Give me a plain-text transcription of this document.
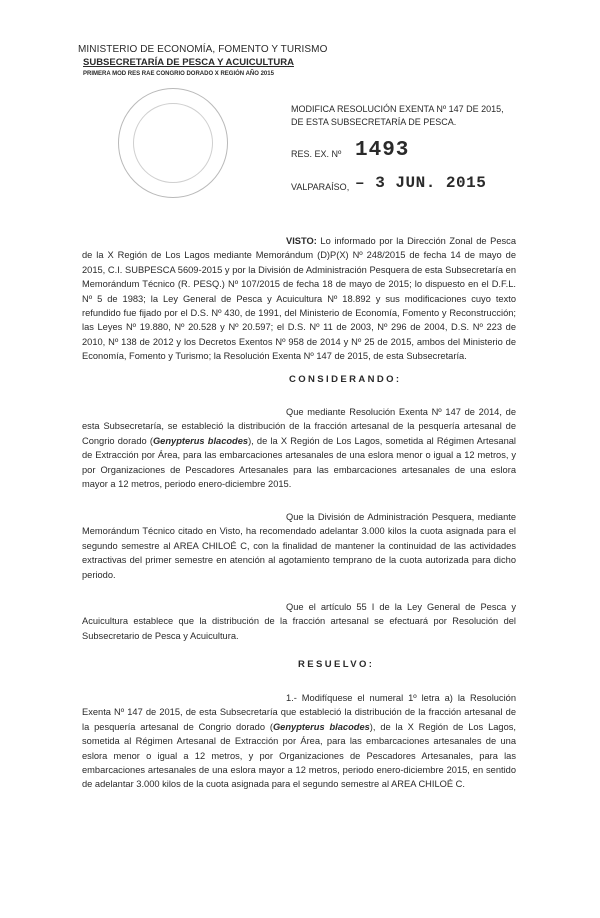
MINISTERIO DE ECONOMÍA, FOMENTO Y TURISMO
SUBSECRETARÍA DE PESCA Y ACUICULTURA
PRIMERA MOD RES RAE CONGRIO DORADO X REGIÓN AÑO 2015
MODIFICA RESOLUCIÓN EXENTA Nº 147 DE 2015,
DE ESTA SUBSECRETARÍA DE PESCA.
RES. EX. Nº 1493
VALPARAÍSO, – 3 JUN. 2015
VISTO: Lo informado por la Dirección Zonal de Pesca de la X Región de Los Lagos mediante Memorándum (D)P(X) Nº 248/2015 de fecha 14 de mayo de 2015, C.I. SUBPESCA 5609-2015 y por la División de Administración Pesquera de esta Subsecretaría en Memorándum Técnico (R. PESQ.) Nº 107/2015 de fecha 18 de mayo de 2015; lo dispuesto en el D.F.L. Nº 5 de 1983; la Ley General de Pesca y Acuicultura Nº 18.892 y sus modificaciones cuyo texto refundido fue fijado por el D.S. Nº 430, de 1991, del Ministerio de Economía, Fomento y Reconstrucción; las Leyes Nº 19.880, Nº 20.528 y Nº 20.597; el D.S. Nº 11 de 2003, Nº 296 de 2004, D.S. Nº 223 de 2010, Nº 138 de 2012 y los Decretos Exentos Nº 958 de 2014 y Nº 25 de 2015, ambos del Ministerio de Economía, Fomento y Turismo; la Resolución Exenta Nº 147 de 2015, de esta Subsecretaría.
CONSIDERANDO:
Que mediante Resolución Exenta Nº 147 de 2014, de esta Subsecretaría, se estableció la distribución de la fracción artesanal de la pesquería artesanal de Congrio dorado (Genypterus blacodes), de la X Región de Los Lagos, sometida al Régimen Artesanal de Extracción por Área, para las embarcaciones artesanales de una eslora menor o igual a 12 metros, y por Organizaciones de Pescadores Artesanales para las embarcaciones artesanales de una eslora mayor a 12 metros, periodo enero-diciembre 2015.
Que la División de Administración Pesquera, mediante Memorándum Técnico citado en Visto, ha recomendado adelantar 3.000 kilos la cuota asignada para el segundo semestre al AREA CHILOÉ C, con la finalidad de mantener la continuidad de las actividades extractivas del primer semestre en atención al agotamiento temprano de la cuota autorizada para dicho periodo.
Que el artículo 55 I de la Ley General de Pesca y Acuicultura establece que la distribución de la fracción artesanal se efectuará por Resolución del Subsecretario de Pesca y Acuicultura.
RESUELVO:
1.- Modifíquese el numeral 1º letra a) la Resolución Exenta Nº 147 de 2015, de esta Subsecretaría que estableció la distribución de la fracción artesanal de la pesquería artesanal de Congrio dorado (Genypterus blacodes), de la X Región de Los Lagos, sometida al Régimen Artesanal de Extracción por Área, para las embarcaciones artesanales de una eslora menor o igual a 12 metros, y por Organizaciones de Pescadores Artesanales, para las embarcaciones artesanales de una eslora mayor a 12 metros, periodo enero-diciembre 2015, en sentido de adelantar 3.000 kilos de la cuota asignada para el segundo semestre al AREA CHILOÉ C.
